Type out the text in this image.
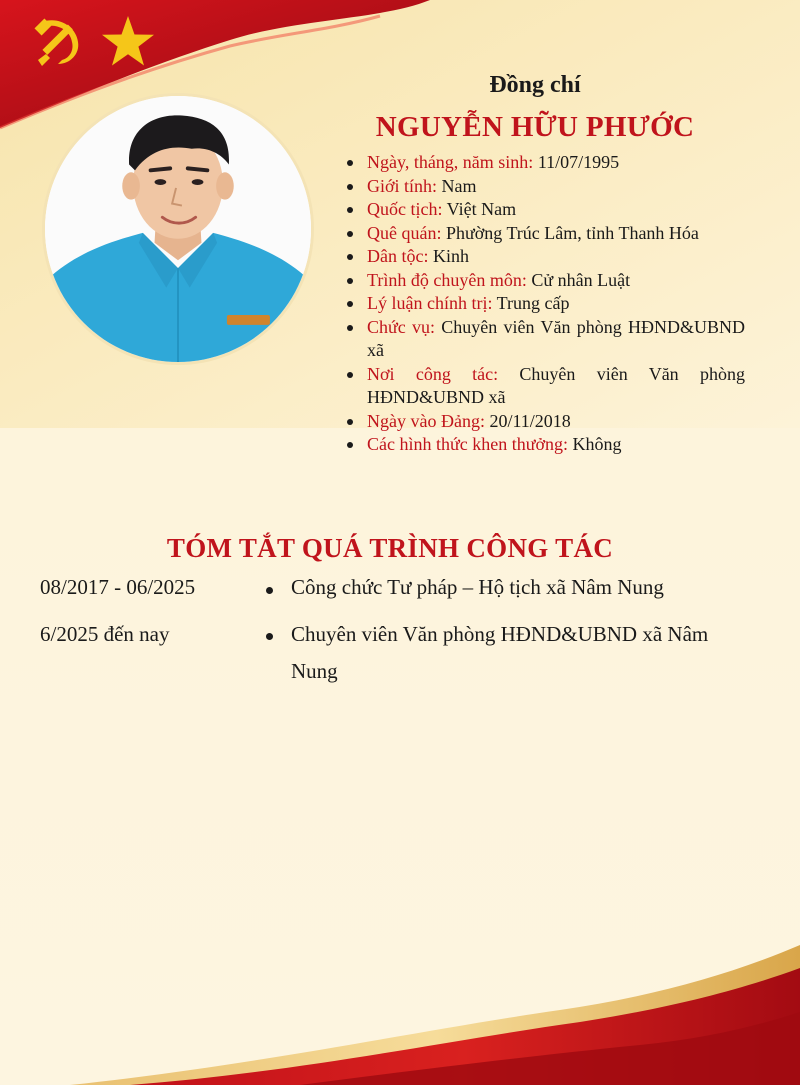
Đồng chí
NGUYỄN HỮU PHƯỚC
Ngày, tháng, năm sinh: 11/07/1995
Giới tính: Nam
Quốc tịch: Việt Nam
Quê quán: Phường Trúc Lâm, tỉnh Thanh Hóa
Dân tộc: Kinh
Trình độ chuyên môn: Cử nhân Luật
Lý luận chính trị: Trung cấp
Chức vụ: Chuyên viên Văn phòng HĐND&UBND xã
Nơi công tác: Chuyên viên Văn phòng HĐND&UBND xã
Ngày vào Đảng: 20/11/2018
Các hình thức khen thưởng: Không
TÓM TẮT QUÁ TRÌNH CÔNG TÁC
08/2017 - 06/2025	Công chức Tư pháp – Hộ tịch xã Nâm Nung
6/2025 đến nay	Chuyên viên Văn phòng HĐND&UBND xã Nâm Nung
